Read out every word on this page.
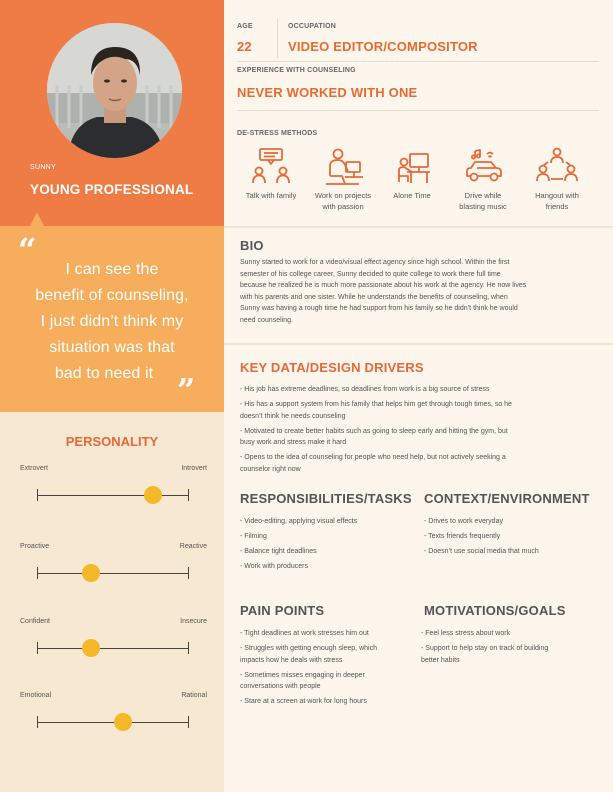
SUNNY
YOUNG PROFESSIONAL
“
I can see the
benefit of counseling,
I just didn’t think my
situation was that
bad to need it ”
PERSONALITY
Extrovert	Introvert
Proactive	Reactive
Confident	Insecure
Emotional	Rational
AGE
22
OCCUPATION
VIDEO EDITOR/COMPOSITOR
EXPERIENCE WITH COUNSELING
NEVER WORKED WITH ONE
DE-STRESS METHODS
Talk with family	Work on projects
with passion
Alone Time	Drive while
blasting music
Hangout with
friends
BIO
Sunny started to work for a video/visual effect agency since high school. Within the first
semester of his college career, Sunny decided to quite college to work there full time
because he realized he is much more passionate about his work at the agency. He now lives
with his parents and one sister. While he understands the benefits of counseling, when
Sunny was having a rough time he had support from his family so he didn’t think he would
need counseling.
KEY DATA/DESIGN DRIVERS
- His job has extreme deadlines, so deadlines from work is a big source of stress
- His has a support system from his family that helps him get through tough times, so he
doesn’t think he needs counseling
- Motivated to create better habits such as going to sleep early and hitting the gym, but
busy work and stress make it hard
- Opens to the idea of counseling for people who need help, but not actively seeking a
counselor right now
RESPONSIBILITIES/TASKS
- Video-editing, applying visual effects
- Filming
- Balance tight deadlines
- Work with producers
CONTEXT/ENVIRONMENT
- Drives to work everyday
- Texts friends frequently
- Doesn’t use social media that much
PAIN POINTS
- Tight deadlines at work stresses him out
- Struggles with getting enough sleep, which
impacts how he deals with stress
- Sometimes misses engaging in deeper
conversations with people
- Stare at a screen at work for long hours
MOTIVATIONS/GOALS
- Feel less stress about work
- Support to help stay on track of building
better habits
